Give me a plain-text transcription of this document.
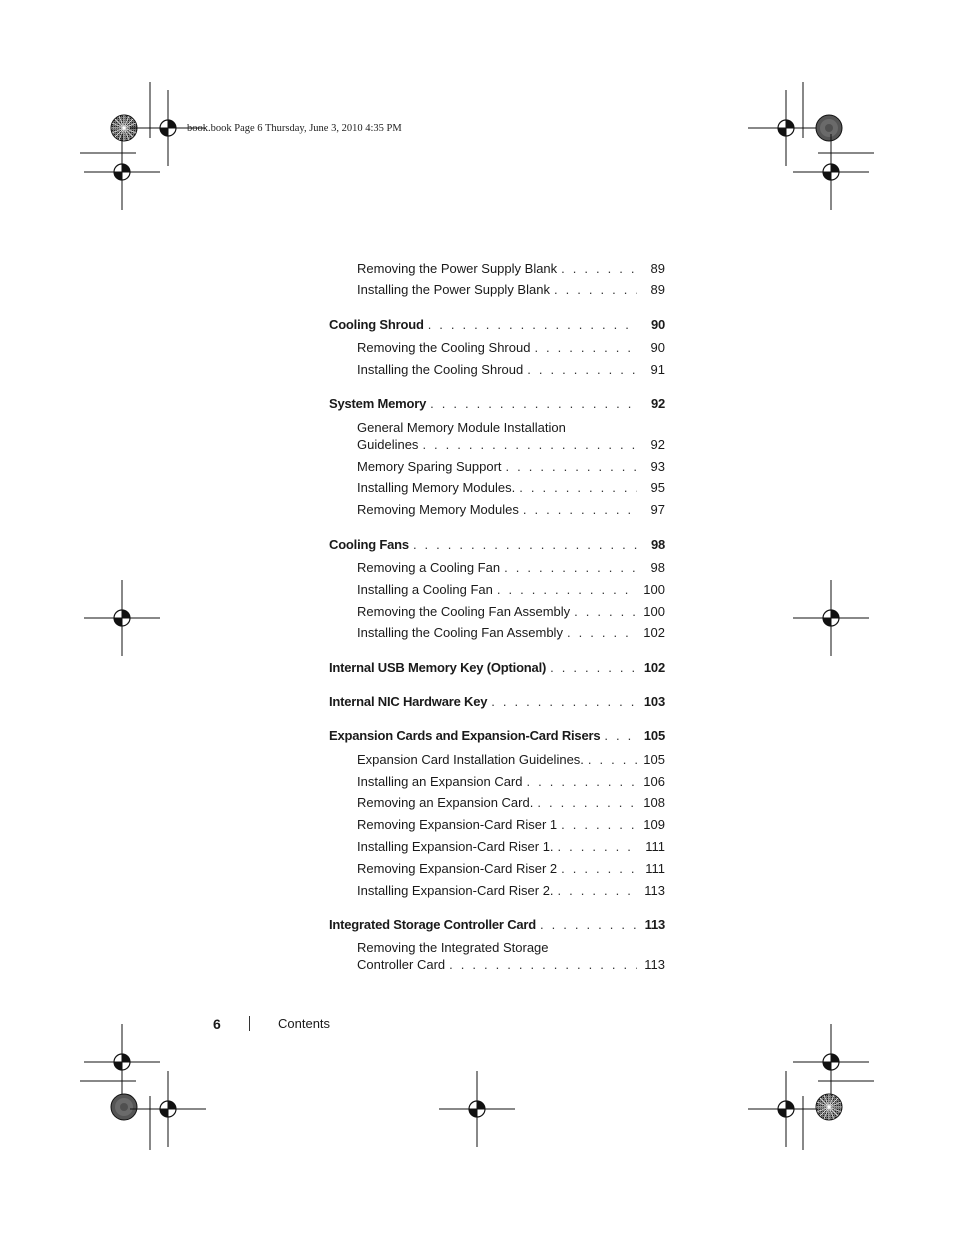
book.book Page 6 Thursday, June 3, 2010 4:35 PM
Removing the Power Supply Blank . . .	89
Installing the Power Supply Blank . . .	89
Cooling Shroud . . .	90
Removing the Cooling Shroud . . .	90
Installing the Cooling Shroud . . .	91
System Memory . . .	92
General Memory Module Installation
Guidelines . . .	92
Memory Sparing Support . . .	93
Installing Memory Modules. . . .	95
Removing Memory Modules . . .	97
Cooling Fans . . .	98
Removing a Cooling Fan . . .	98
Installing a Cooling Fan . . .	100
Removing the Cooling Fan Assembly . . .	100
Installing the Cooling Fan Assembly . . .	102
Internal USB Memory Key (Optional) . . .	102
Internal NIC Hardware Key . . .	103
Expansion Cards and Expansion-Card Risers . . .	105
Expansion Card Installation Guidelines. . . .	105
Installing an Expansion Card . . .	106
Removing an Expansion Card. . . .	108
Removing Expansion-Card Riser 1 . . .	109
Installing Expansion-Card Riser 1. . . .	111
Removing Expansion-Card Riser 2 . . .	111
Installing Expansion-Card Riser 2. . . .	113
Integrated Storage Controller Card . . .	113
Removing the Integrated Storage
Controller Card . . .	113
6	Contents
